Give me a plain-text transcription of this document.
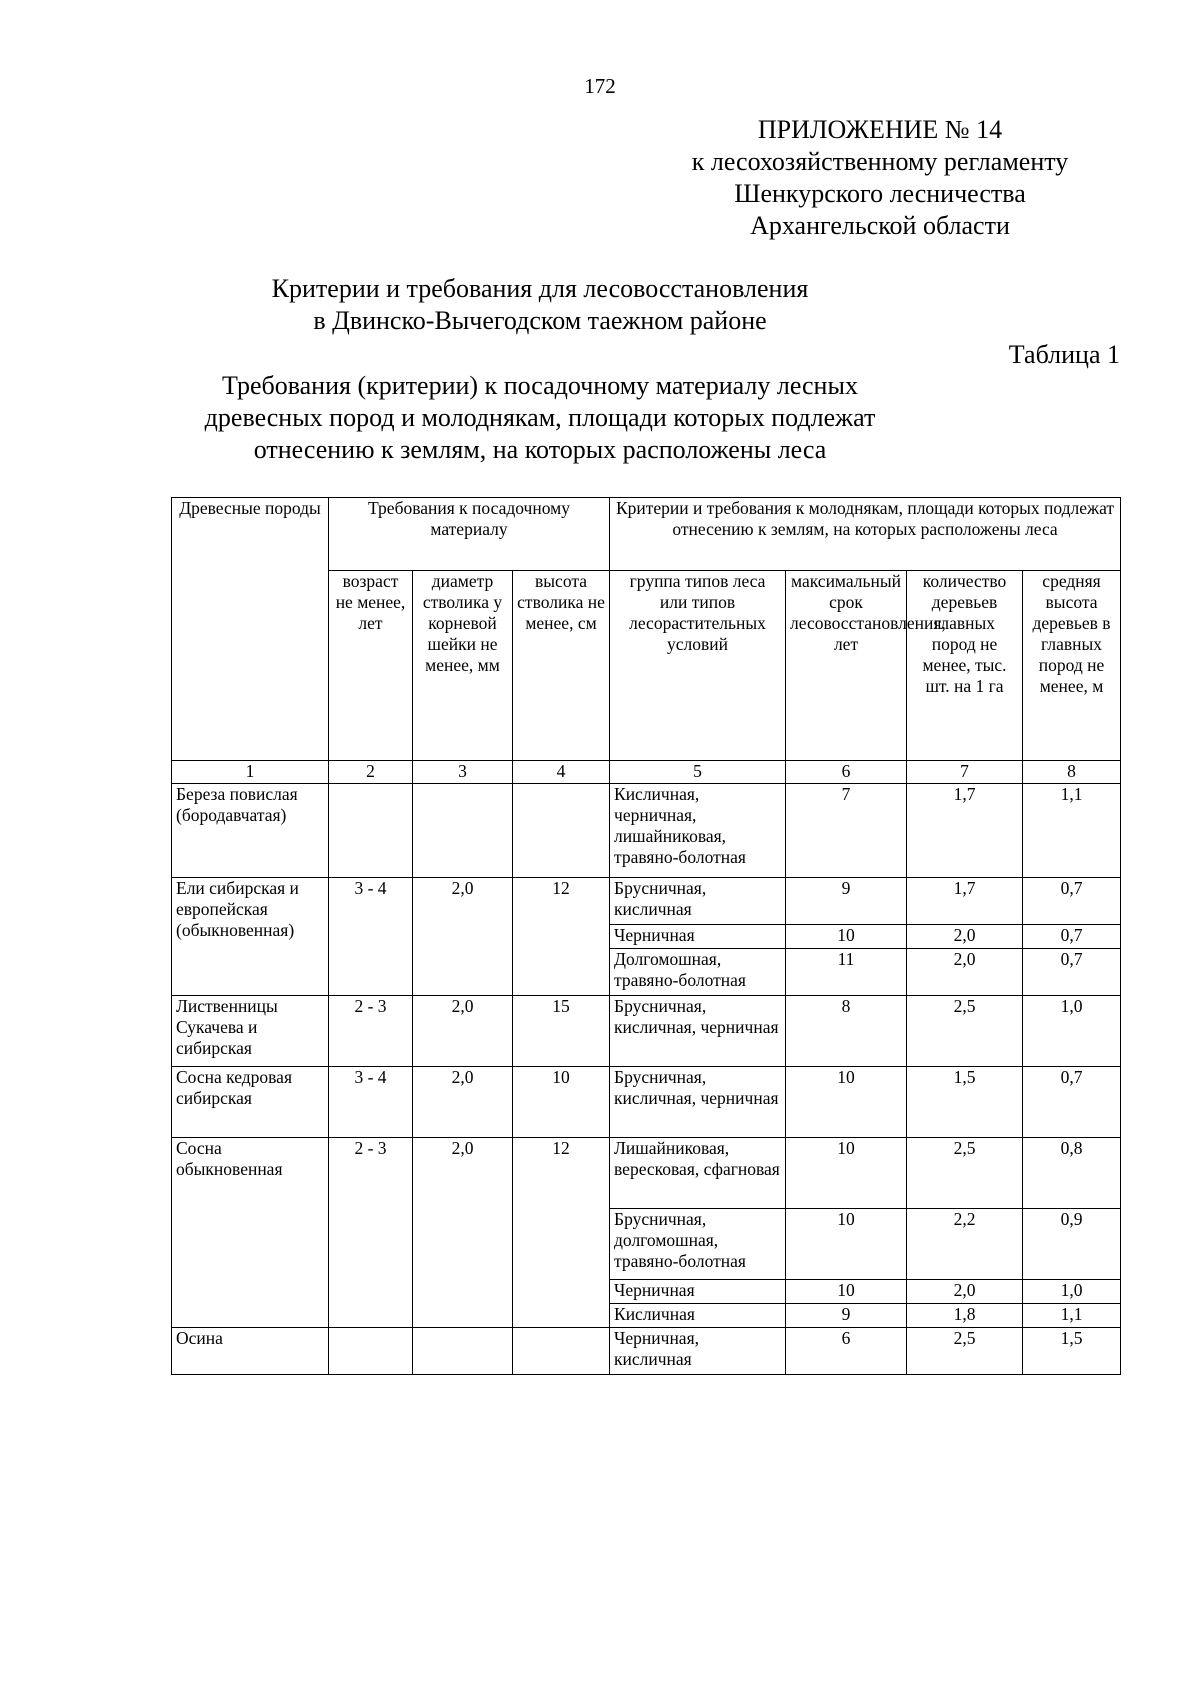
172
ПРИЛОЖЕНИЕ № 14
к лесохозяйственному регламенту
Шенкурского лесничества
Архангельской области
Критерии и требования для лесовосстановления
в Двинско-Вычегодском таежном районе
Таблица 1
Требования (критерии) к посадочному материалу лесных
древесных пород и молоднякам, площади которых подлежат
отнесению к землям, на которых расположены леса
Древесные породы	Требования к посадочному материалу			Критерии и требования к молоднякам, площади которых подлежат отнесению к землям, на которых расположены леса			
	возраст не менее, лет	диаметр стволика у корневой шейки не менее, мм	высота стволика не менее, см	группа типов леса или типов лесорастительных условий	максимальный срок лесовосстановления, лет	количество деревьев главных пород не менее, тыс. шт. на 1 га	средняя высота деревьев в главных пород не менее, м
1	2	3	4	5	6	7	8
Береза повислая (бородавчатая)				Кисличная, черничная, лишайниковая, травяно-болотная	7	1,7	1,1
Ели сибирская и европейская (обыкновенная)	3 - 4	2,0	12	Брусничная, кисличная	9	1,7	0,7
				Черничная	10	2,0	0,7
				Долгомошная, травяно-болотная	11	2,0	0,7
Лиственницы Сукачева и сибирская	2 - 3	2,0	15	Брусничная, кисличная, черничная	8	2,5	1,0
Сосна кедровая сибирская	3 - 4	2,0	10	Брусничная, кисличная, черничная	10	1,5	0,7
Сосна обыкновенная	2 - 3	2,0	12	Лишайниковая, вересковая, сфагновая	10	2,5	0,8
				Брусничная, долгомошная, травяно-болотная	10	2,2	0,9
				Черничная	10	2,0	1,0
				Кисличная	9	1,8	1,1
Осина				Черничная, кисличная	6	2,5	1,5
